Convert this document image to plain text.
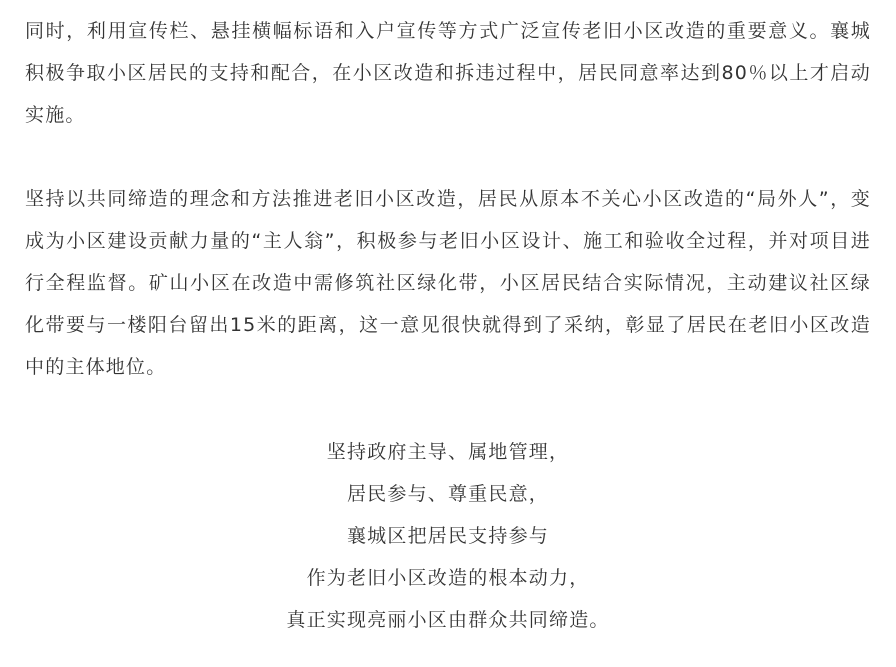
同时，利用宣传栏、悬挂横幅标语和入户宣传等方式广泛宣传老旧小区改造的重要意义。襄城积极争取小区居民的支持和配合，在小区改造和拆违过程中，居民同意率达到80％以上才启动实施。

坚持以共同缔造的理念和方法推进老旧小区改造，居民从原本不关心小区改造的“局外人”，变成为小区建设贡献力量的“主人翁”，积极参与老旧小区设计、施工和验收全过程，并对项目进行全程监督。矿山小区在改造中需修筑社区绿化带，小区居民结合实际情况，主动建议社区绿化带要与一楼阳台留出15米的距离，这一意见很快就得到了采纳，彰显了居民在老旧小区改造中的主体地位。

坚持政府主导、属地管理，
居民参与、尊重民意，
襄城区把居民支持参与
作为老旧小区改造的根本动力，
真正实现亮丽小区由群众共同缔造。
